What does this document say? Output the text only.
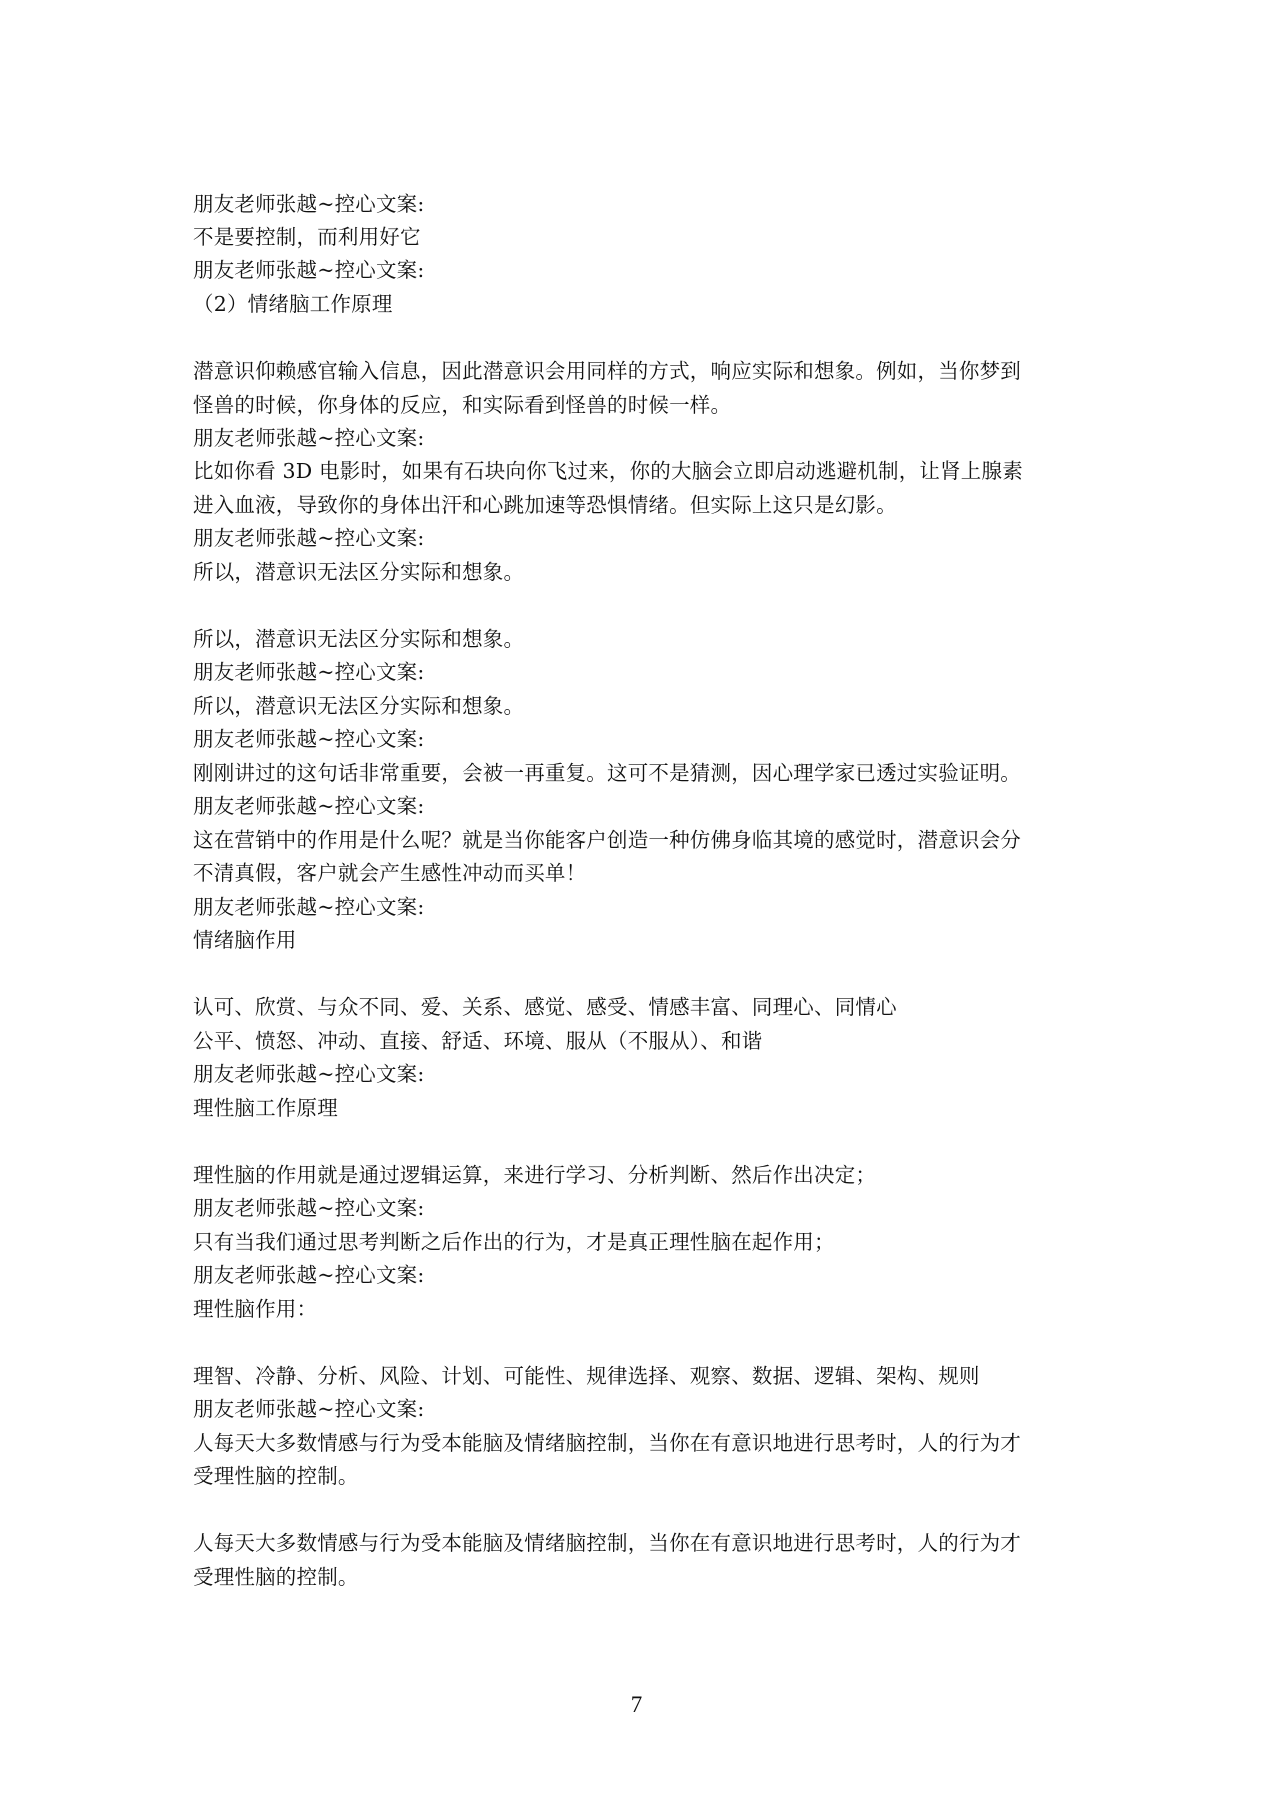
朋友老师张越~控心文案:
不是要控制，而利用好它
朋友老师张越~控心文案:
（2）情绪脑工作原理
潜意识仰赖感官输入信息，因此潜意识会用同样的方式，响应实际和想象。例如，当你梦到
怪兽的时候，你身体的反应，和实际看到怪兽的时候一样。
朋友老师张越~控心文案:
比如你看 3D 电影时，如果有石块向你飞过来，你的大脑会立即启动逃避机制，让肾上腺素
进入血液，导致你的身体出汗和心跳加速等恐惧情绪。但实际上这只是幻影。
朋友老师张越~控心文案:
所以，潜意识无法区分实际和想象。
所以，潜意识无法区分实际和想象。
朋友老师张越~控心文案:
所以，潜意识无法区分实际和想象。
朋友老师张越~控心文案:
刚刚讲过的这句话非常重要，会被一再重复。这可不是猜测，因心理学家已透过实验证明。
朋友老师张越~控心文案:
这在营销中的作用是什么呢？就是当你能客户创造一种仿佛身临其境的感觉时，潜意识会分
不清真假，客户就会产生感性冲动而买单！
朋友老师张越~控心文案:
情绪脑作用
认可、欣赏、与众不同、爱、关系、感觉、感受、情感丰富、同理心、同情心
公平、愤怒、冲动、直接、舒适、环境、服从（不服从）、和谐
朋友老师张越~控心文案:
理性脑工作原理
理性脑的作用就是通过逻辑运算，来进行学习、分析判断、然后作出决定；
朋友老师张越~控心文案:
只有当我们通过思考判断之后作出的行为，才是真正理性脑在起作用；
朋友老师张越~控心文案:
理性脑作用：
理智、冷静、分析、风险、计划、可能性、规律选择、观察、数据、逻辑、架构、规则
朋友老师张越~控心文案:
人每天大多数情感与行为受本能脑及情绪脑控制，当你在有意识地进行思考时，人的行为才
受理性脑的控制。
人每天大多数情感与行为受本能脑及情绪脑控制，当你在有意识地进行思考时，人的行为才
受理性脑的控制。
7
